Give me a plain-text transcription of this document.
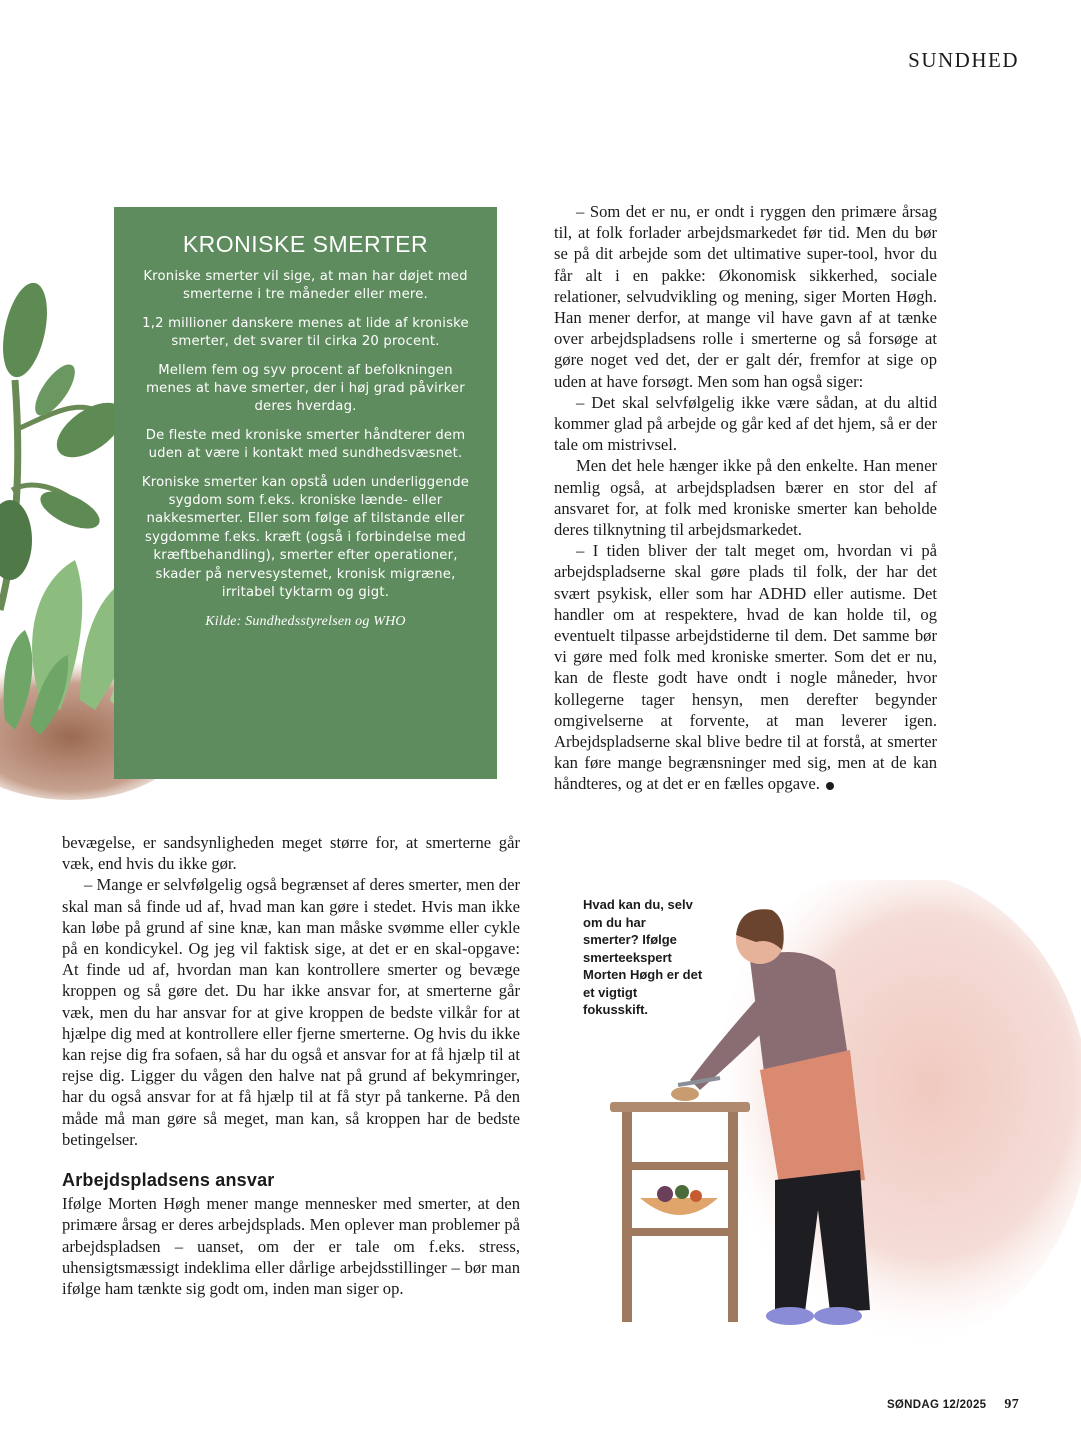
SUNDHED
KRONISKE SMERTER

Kroniske smerter vil sige, at man har døjet med smerterne i tre måneder eller mere.

1,2 millioner danskere menes at lide af kroniske smerter, det svarer til cirka 20 procent.

Mellem fem og syv procent af befolkningen menes at have smerter, der i høj grad påvirker deres hverdag.

De fleste med kroniske smerter håndterer dem uden at være i kontakt med sundhedsvæsnet.

Kroniske smerter kan opstå uden underliggende sygdom som f.eks. kroniske lænde- eller nakkesmerter. Eller som følge af tilstande eller sygdomme f.eks. kræft (også i forbindelse med kræftbehandling), smerter efter operationer, skader på nervesystemet, kronisk migræne, irritabel tyktarm og gigt.

Kilde: Sundhedsstyrelsen og WHO

– Som det er nu, er ondt i ryggen den primære årsag til, at folk forlader arbejdsmarkedet før tid. Men du bør se på dit arbejde som det ultimative super-tool, hvor du får alt i en pakke: Økonomisk sikkerhed, sociale relationer, selvudvikling og mening, siger Morten Høgh. Han mener derfor, at mange vil have gavn af at tænke over arbejdspladsens rolle i smerterne og så forsøge at gøre noget ved det, der er galt dér, fremfor at sige op uden at have forsøgt. Men som han også siger:

– Det skal selvfølgelig ikke være sådan, at du altid kommer glad på arbejde og går ked af det hjem, så er der tale om mistrivsel.

Men det hele hænger ikke på den enkelte. Han mener nemlig også, at arbejdspladsen bærer en stor del af ansvaret for, at folk med kroniske smerter kan beholde deres tilknytning til arbejdsmarkedet.

– I tiden bliver der talt meget om, hvordan vi på arbejdspladserne skal gøre plads til folk, der har det svært psykisk, eller som har ADHD eller autisme. Det handler om at respektere, hvad de kan holde til, og eventuelt tilpasse arbejdstiderne til dem. Det samme bør vi gøre med folk med kroniske smerter. Som det er nu, kan de fleste godt have ondt i nogle måneder, hvor kollegerne tager hensyn, men derefter begynder omgivelserne at forvente, at man leverer igen. Arbejdspladserne skal blive bedre til at forstå, at smerter kan føre mange begrænsninger med sig, men at de kan håndteres, og at det er en fælles opgave.

bevægelse, er sandsynligheden meget større for, at smerterne går væk, end hvis du ikke gør.

– Mange er selvfølgelig også begrænset af deres smerter, men der skal man så finde ud af, hvad man kan gøre i stedet. Hvis man ikke kan løbe på grund af sine knæ, kan man måske svømme eller cykle på en kondicykel. Og jeg vil faktisk sige, at det er en skal-opgave: At finde ud af, hvordan man kan kontrollere smerter og bevæge kroppen og så gøre det. Du har ikke ansvar for, at smerterne går væk, men du har ansvar for at give kroppen de bedste vilkår for at hjælpe dig med at kontrollere eller fjerne smerterne. Og hvis du ikke kan rejse dig fra sofaen, så har du også et ansvar for at få hjælp til at rejse dig. Ligger du vågen den halve nat på grund af bekymringer, har du også ansvar for at få hjælp til at få styr på tankerne. På den måde må man gøre så meget, man kan, så kroppen har de bedste betingelser.

Arbejdspladsens ansvar

Ifølge Morten Høgh mener mange mennesker med smerter, at den primære årsag er deres arbejdsplads. Men oplever man problemer på arbejdspladsen – uanset, om der er tale om f.eks. stress, uhensigtsmæssigt indeklima eller dårlige arbejdsstillinger – bør man ifølge ham tænkte sig godt om, inden man siger op.

Hvad kan du, selv om du har smerter? Ifølge smerteekspert Morten Høgh er det et vigtigt fokusskift.
SØNDAG 12/2025 97
